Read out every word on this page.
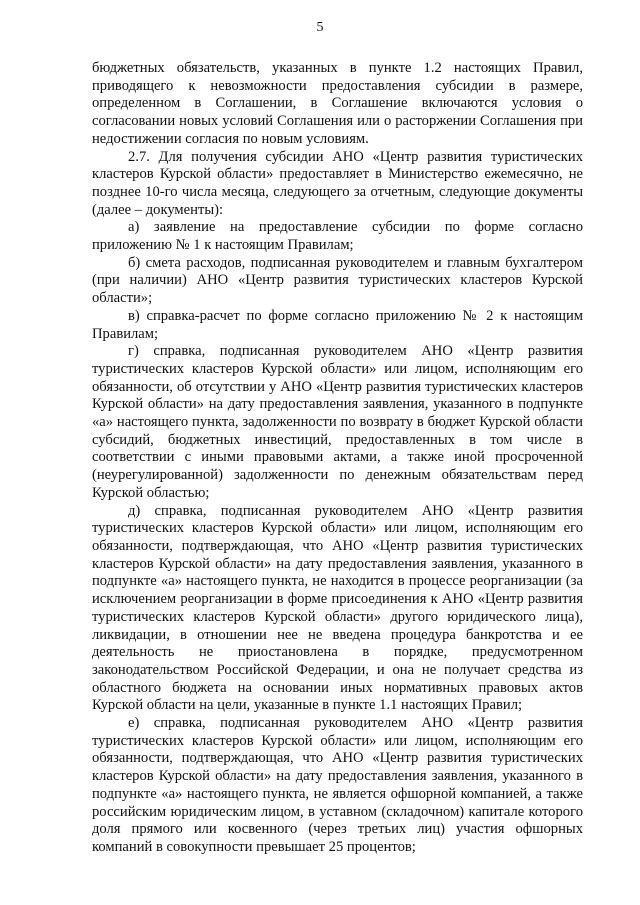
5

бюджетных обязательств, указанных в пункте 1.2 настоящих Правил, приводящего к невозможности предоставления субсидии в размере, определенном в Соглашении, в Соглашение включаются условия о согласовании новых условий Соглашения или о расторжении Соглашения при недостижении согласия по новым условиям.

2.7. Для получения субсидии АНО «Центр развития туристических кластеров Курской области» предоставляет в Министерство ежемесячно, не позднее 10-го числа месяца, следующего за отчетным, следующие документы (далее – документы):

а) заявление на предоставление субсидии по форме согласно приложению № 1 к настоящим Правилам;

б) смета расходов, подписанная руководителем и главным бухгалтером (при наличии) АНО «Центр развития туристических кластеров Курской области»;

в) справка-расчет по форме согласно приложению № 2 к настоящим Правилам;

г) справка, подписанная руководителем АНО «Центр развития туристических кластеров Курской области» или лицом, исполняющим его обязанности, об отсутствии у АНО «Центр развития туристических кластеров Курской области» на дату предоставления заявления, указанного в подпункте «а» настоящего пункта, задолженности по возврату в бюджет Курской области субсидий, бюджетных инвестиций, предоставленных в том числе в соответствии с иными правовыми актами, а также иной просроченной (неурегулированной) задолженности по денежным обязательствам перед Курской областью;

д) справка, подписанная руководителем АНО «Центр развития туристических кластеров Курской области» или лицом, исполняющим его обязанности, подтверждающая, что АНО «Центр развития туристических кластеров Курской области» на дату предоставления заявления, указанного в подпункте «а» настоящего пункта, не находится в процессе реорганизации (за исключением реорганизации в форме присоединения к АНО «Центр развития туристических кластеров Курской области» другого юридического лица), ликвидации, в отношении нее не введена процедура банкротства и ее деятельность не приостановлена в порядке, предусмотренном законодательством Российской Федерации, и она не получает средства из областного бюджета на основании иных нормативных правовых актов Курской области на цели, указанные в пункте 1.1 настоящих Правил;

е) справка, подписанная руководителем АНО «Центр развития туристических кластеров Курской области» или лицом, исполняющим его обязанности, подтверждающая, что АНО «Центр развития туристических кластеров Курской области» на дату предоставления заявления, указанного в подпункте «а» настоящего пункта, не является офшорной компанией, а также российским юридическим лицом, в уставном (складочном) капитале которого доля прямого или косвенного (через третьих лиц) участия офшорных компаний в совокупности превышает 25 процентов;
